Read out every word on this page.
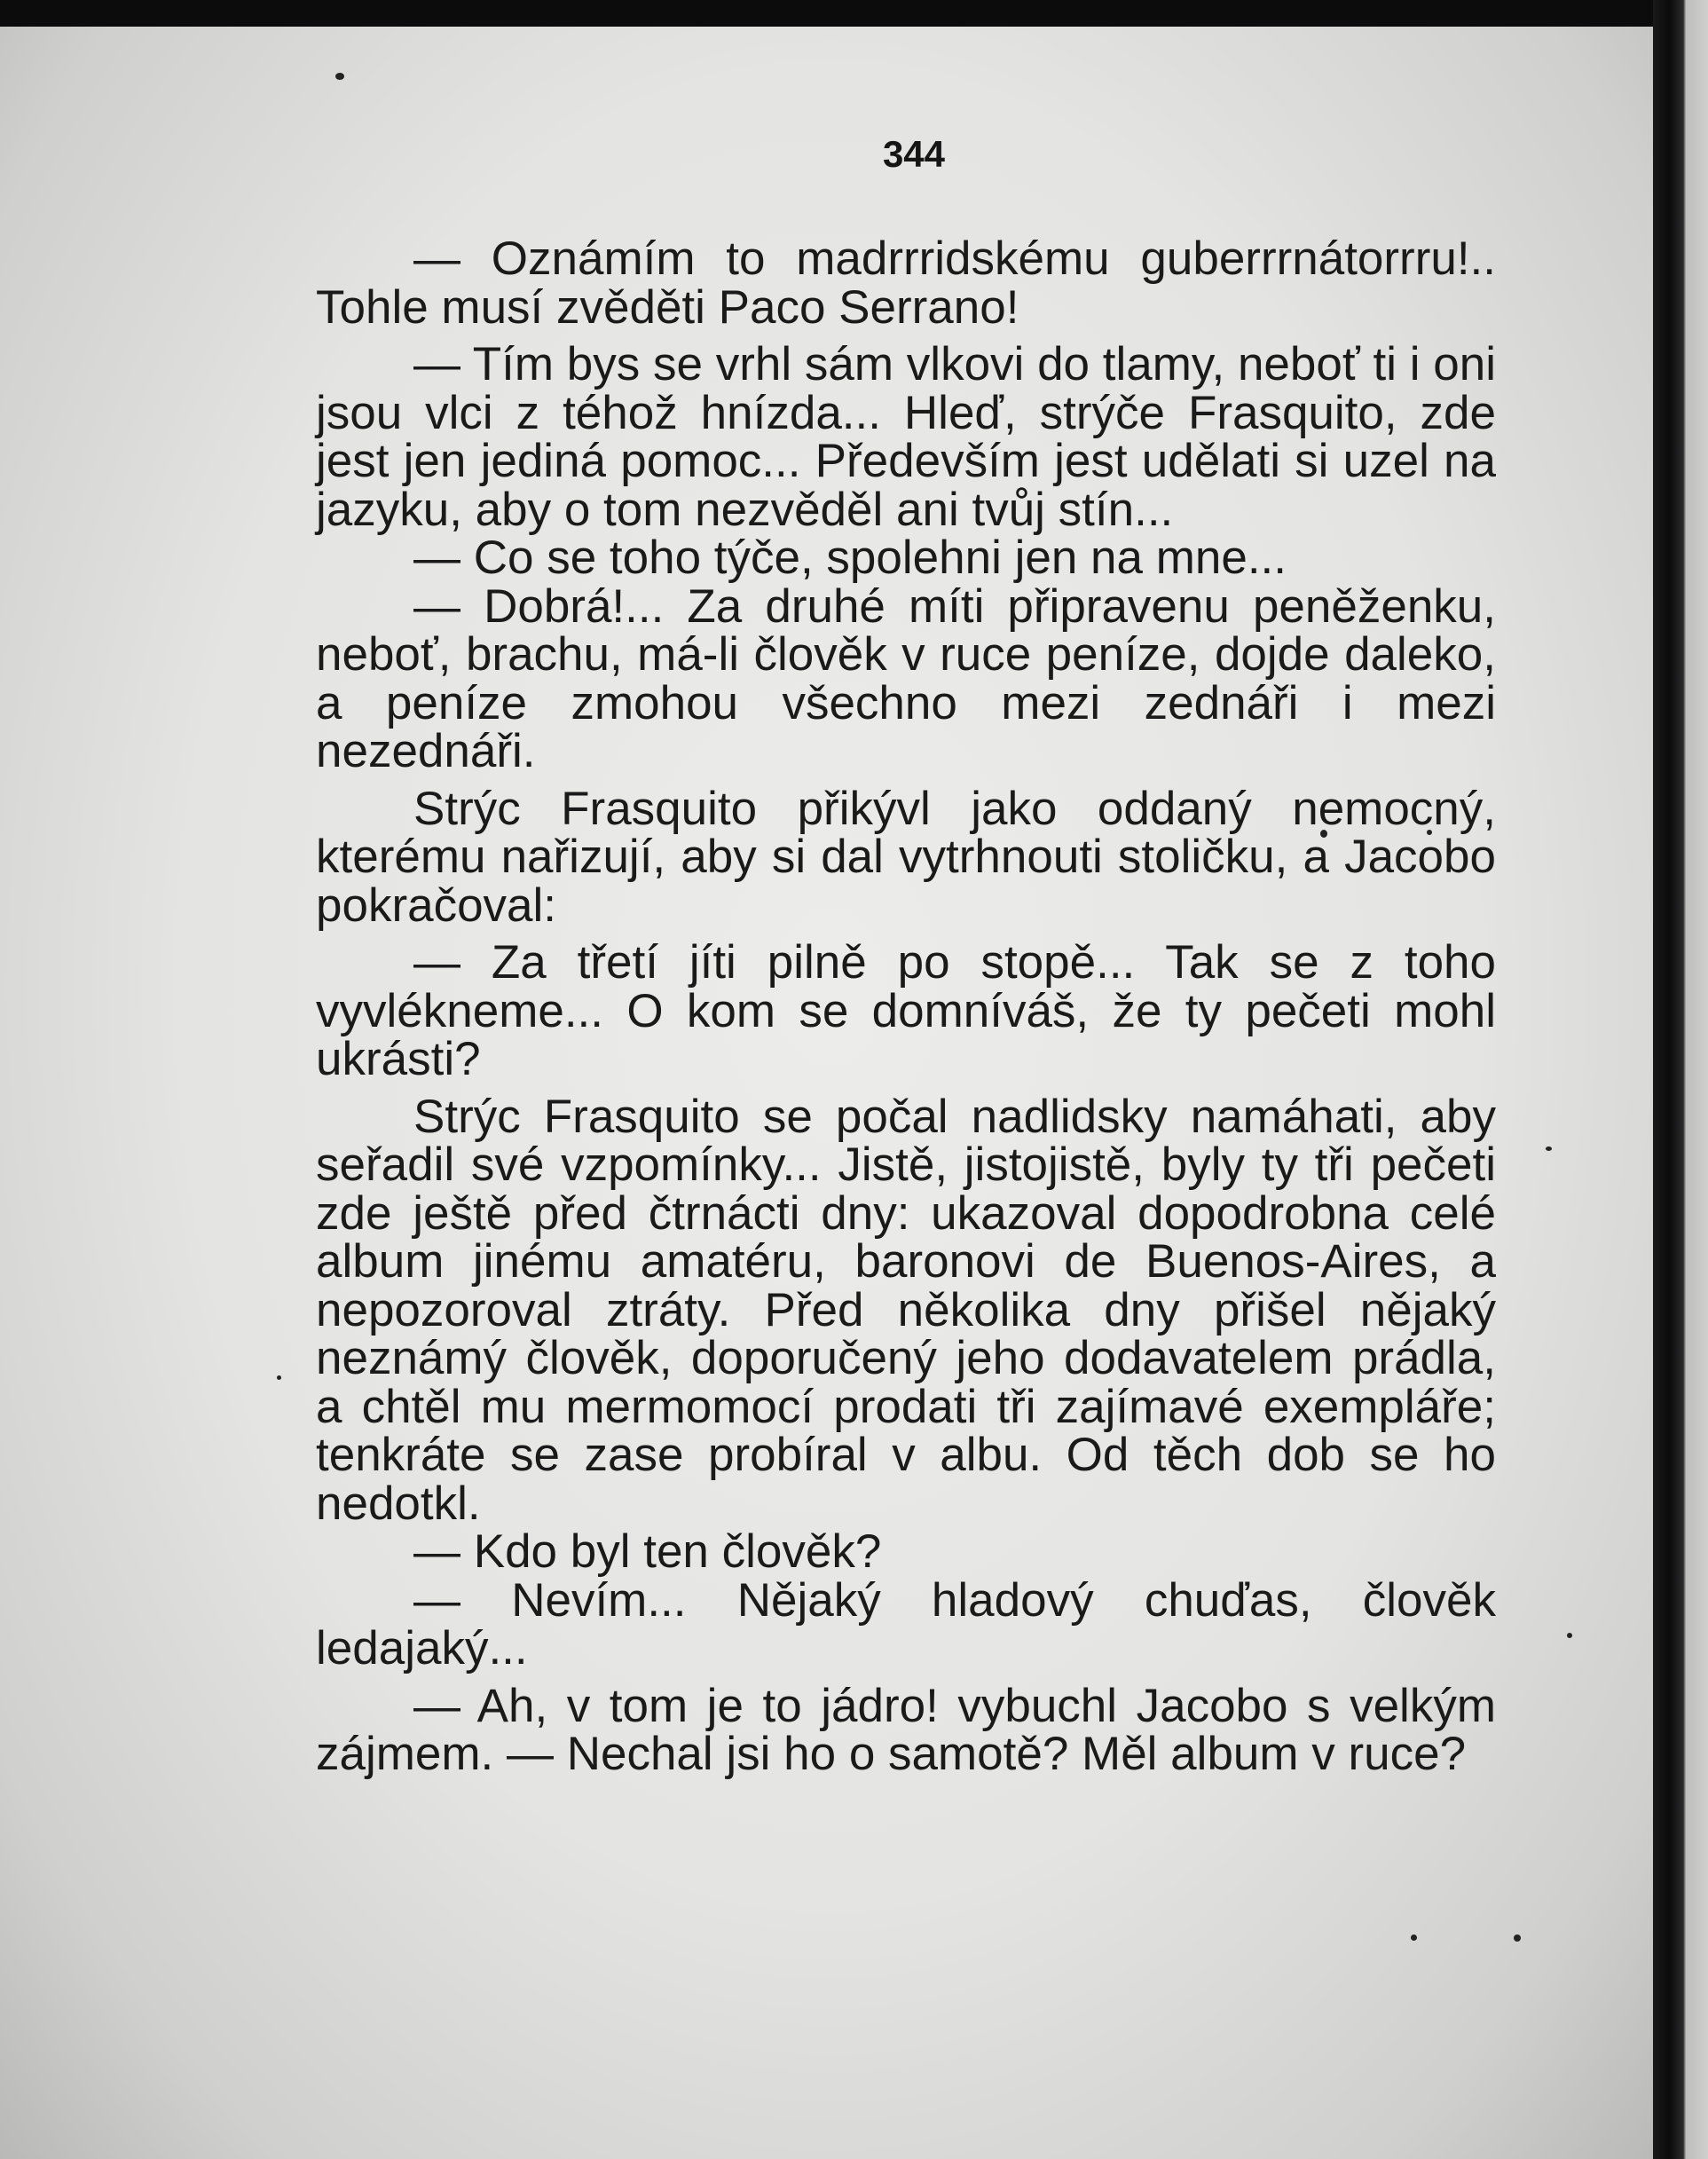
344

— Oznámím to madrrridskému guberrrnátorrru!.. Tohle musí zvěděti Paco Serrano!

— Tím bys se vrhl sám vlkovi do tlamy, neboť ti i oni jsou vlci z téhož hnízda... Hleď, strýče Frasquito, zde jest jen jediná pomoc... Především jest udělati si uzel na jazyku, aby o tom nezvěděl ani tvůj stín...

— Co se toho týče, spolehni jen na mne...

— Dobrá!... Za druhé míti připravenu peněženku, neboť, brachu, má-li člověk v ruce peníze, dojde daleko, a peníze zmohou všechno mezi zednáři i mezi nezednáři.

Strýc Frasquito přikývl jako oddaný nemocný, kterému nařizují, aby si dal vytrhnouti stoličku, a Jacobo pokračoval:

— Za třetí jíti pilně po stopě... Tak se z toho vyvlékneme... O kom se domníváš, že ty pečeti mohl ukrásti?

Strýc Frasquito se počal nadlidsky namáhati, aby seřadil své vzpomínky... Jistě, jistojistě, byly ty tři pečeti zde ještě před čtrnácti dny: ukazoval dopodrobna celé album jinému amatéru, baronovi de Buenos-Aires, a nepozoroval ztráty. Před několika dny přišel nějaký neznámý člověk, doporučený jeho dodavatelem prádla, a chtěl mu mermomocí prodati tři zajímavé exempláře; tenkráte se zase probíral v albu. Od těch dob se ho nedotkl.

— Kdo byl ten člověk?

— Nevím... Nějaký hladový chuďas, člověk ledajaký...

— Ah, v tom je to jádro! vybuchl Jacobo s velkým zájmem. — Nechal jsi ho o samotě? Měl album v ruce?
